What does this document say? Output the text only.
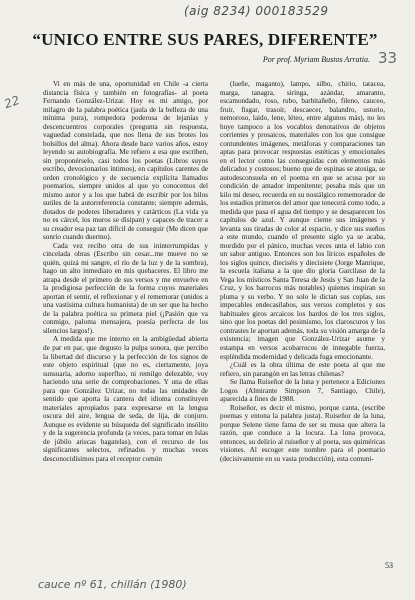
(aig 8234) 000183529
22
33
“UNICO ENTRE SUS PARES, DIFERENTE”
Por prof. Myriam Bustos Arratia.

Vi en más de una, oportunidad en Chile -a cierta distancia física y también en fotografías- al poeta Fernando González-Urizar. Hoy es mi amigo, por milagro de la palabra poética (jaula de la belleza de una mínima pura), rompedora poderosa de lejanías y descencuentros corporales (pregunta sin respuesta, vaguedad constelada, que nos llena de sus brotes los bolsillos del alma). Ahora desde hace varios años, estoy leyendo su autobiografía. Me refiero a esa que escriben, sin proponérselo, casi todos los poetas (Libros suyos escribo, devocionarios íntimos), en capítulos carentes de orden cronológico y de secuencia explícita llamados poemarios, siempre unidos al que yo conocemos del mismo autor y a los que habrá de escribir por los hilos sutiles de la autorreferencia constante; siempre además, dotados de poderes liberadores y catárticos (La vida ya no es cárcel, los muros se disipan) y capaces de tracer a su creador esa paz tan difícil de conseguir (Me dicen que sonrío cuando duermo).

Cada vez recibo otra de sus ininterrumpidas y cincelada obras (Escribo sin cesar...me mueve no se quién, quizá mi sangre, el río de la luz y de la sombra), hago un alto inmediato en mis quehaceres. El libro me atrapa desde el primero de sus versos y me envuelve en la prodigiosa perfección de la forma cuyos materiales aportan el sentir, el reflexionar y el rememorar (unidos a una vastísima cultura humanista) de un ser que ha hecho de la palabra poética su primera piel (¡Pasión que va conmigo, paloma mensajera, poesía perfecta de los silencios largos!).

A medida que me interno en la ambigüedad abierta de par en par, que degusto la pulpa sonora, que percibo la libertad del discurso y la perfección de los signos de este objeto espiritual (que no es, ciertamente, joya sunsuaria, adorno superfluo, ni remilgo delezable, voy haciendo una serie de comprobaciones. Y una de ellas para que González Urizar, no todas las unidades de sentido que aporta la cantera del idioma constituyen materiales apropiados para expresarse en la lengua oscura del aire, lengua de seda, de lija, de conjuro. Aunque es evidente su búsqueda del significado insólito y de la sugerencia profunda (a veces, para tomar en Islas de júbilo ariscas bagatelas), con el recurso de los significantes selectos, refinados y muchas veces desconocidísimos para el receptor común

(lueñe, maganto), lampo, silbo, chirio, taracea, marga, tanagra, siringa, azándar, amaranto, escamondado, roso, rubo, barbitañeño, fileno, cauceo, fruir, fisgar, trasoír, descaecer, balandro, ustorio, nemoroso, laido, lene, léteo, entre algunos más), no les huye tampoco a los vocablos denotativos de objetos corrientes y prosaicos, materiales con los que consigue contundentes imágenes, metáforas y comparaciones tan aptas para provocar respuestas estéticas y emocionales en el lector como las conseguidas con elementos más delicados y costosos; bueno que de espinas se atosiga, se autodesconsuela en el poema en que se acusa por su condición de amador impenitente; pesaba más que un kilo mi deseo, recuerda en su nostálgico rememorador de los estadios primeros del amor que tenecerá como todo, a medida que pasa el agua del tiempo y se desaparecen los capítulos de azul. Y aunque cierne sus imágenes y levanta sus tiradas de color al espacio, y dice sus sueños a este mundo, cuando el presente siglo ya se acaba, mordido por el pánico, muchas veces unta el labio con un sabor antiguo. Entonces son los líricos españoles de los siglos quince, dieciséis y diecisiete (Jorge Manrique, la escuela italiana a la que dio gloria Garcilaso de la Vega los místicos Santa Teresa de Jesús y San Juan de la Cruz, y los barrocos más notables) quienes inspiran su pluma y su verbo. Y no solo le dictan sus coplas, sus impecables endecasílabos, sus versos completos y sus habituales giros arcaicos los bardos de los tres siglos, sino que los poetas del pesimismo, los claroscuros y los contrastes le aportan además, toda su visión amarga de la existencia; imagen que González-Urizar asume y estampa en versos acobarrocos de innegable fuerza, espléndida modernidad y delicada fuga emocionante.

¿Cuál es la obra última de este poeta al que me refiero, sin parangón en las letras chilenas?

Se llama Ruiseñor de la luna y pertenece a Ediciones Logos (Almirante Simpson 7, Santiago, Chile), aparecida a fines de 1988.

Ruiseñor, es decir el mismo, porque canta, (escribe poemas y entona la palabra justa). Ruiseñor de la luna, porque Selene tiene fama de ser su musa que altera la razón, que conduce a la locura. La luna provoca, entonces, su delirio al ruiseñor y al poeta, sus quiméricas visiones. Al escoger este nombre para el poemario (decisivamente en su vasta producción), esta comuni-

53
cauce nº 61, chillán (1980)
